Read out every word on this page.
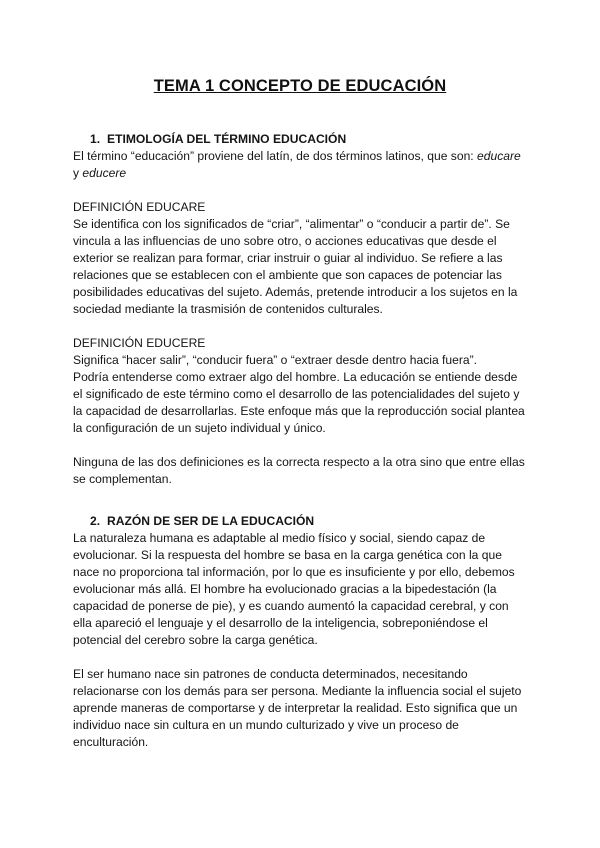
TEMA 1 CONCEPTO DE EDUCACIÓN

1. ETIMOLOGÍA DEL TÉRMINO EDUCACIÓN

El término “educación” proviene del latín, de dos términos latinos, que son: educare

y educere

DEFINICIÓN EDUCARE

Se identifica con los significados de “criar”, “alimentar” o “conducir a partir de”. Se

vincula a las influencias de uno sobre otro, o acciones educativas que desde el

exterior se realizan para formar, criar instruir o guiar al individuo. Se refiere a las

relaciones que se establecen con el ambiente que son capaces de potenciar las

posibilidades educativas del sujeto. Además, pretende introducir a los sujetos en la

sociedad mediante la trasmisión de contenidos culturales.

DEFINICIÓN EDUCERE

Significa “hacer salir”, “conducir fuera” o “extraer desde dentro hacia fuera”.

Podría entenderse como extraer algo del hombre. La educación se entiende desde

el significado de este término como el desarrollo de las potencialidades del sujeto y

la capacidad de desarrollarlas. Este enfoque más que la reproducción social plantea

la configuración de un sujeto individual y único.

Ninguna de las dos definiciones es la correcta respecto a la otra sino que entre ellas

se complementan.

2. RAZÓN DE SER DE LA EDUCACIÓN

La naturaleza humana es adaptable al medio físico y social, siendo capaz de

evolucionar. Si la respuesta del hombre se basa en la carga genética con la que

nace no proporciona tal información, por lo que es insuficiente y por ello, debemos

evolucionar más allá. El hombre ha evolucionado gracias a la bipedestación (la

capacidad de ponerse de pie), y es cuando aumentó la capacidad cerebral, y con

ella apareció el lenguaje y el desarrollo de la inteligencia, sobreponiéndose el

potencial del cerebro sobre la carga genética.

El ser humano nace sin patrones de conducta determinados, necesitando

relacionarse con los demás para ser persona. Mediante la influencia social el sujeto

aprende maneras de comportarse y de interpretar la realidad. Esto significa que un

individuo nace sin cultura en un mundo culturizado y vive un proceso de

enculturación.
